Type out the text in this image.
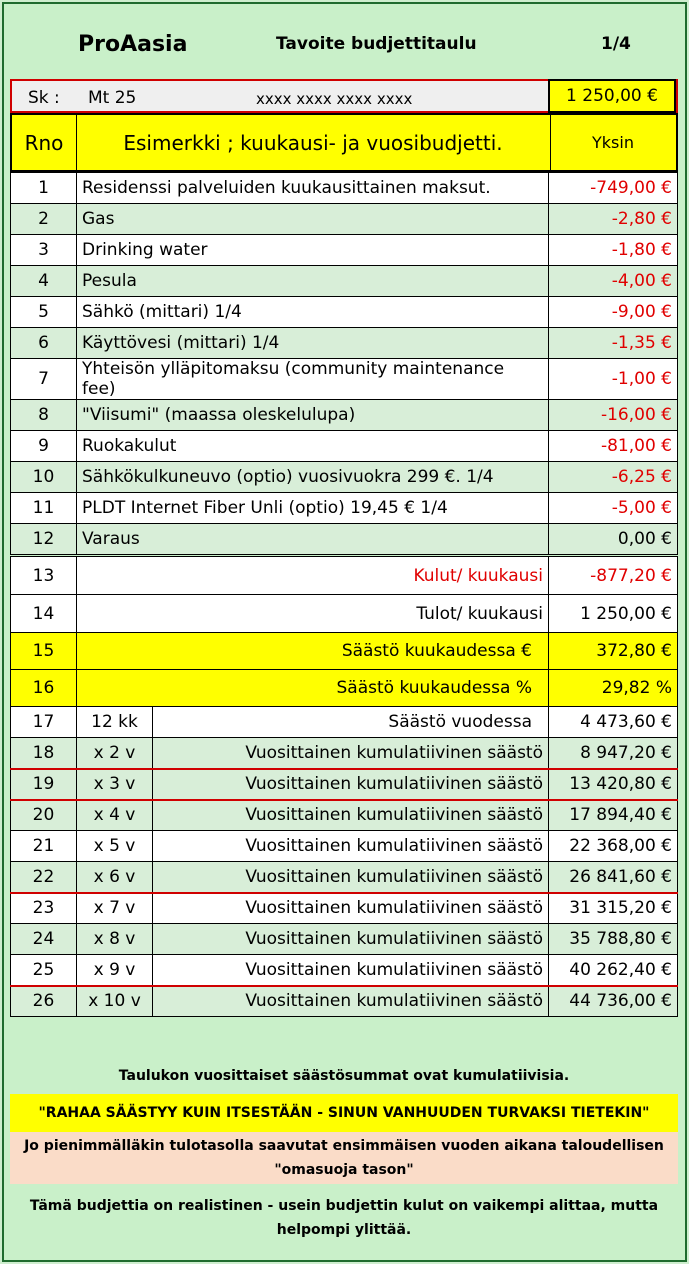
ProAasia	Tavoite budjettitaulu	1/4
Sk : Mt 25	xxxx xxxx xxxx xxxx	1 250,00 €
Rno	Esimerkki ; kuukausi- ja vuosibudjetti.	Yksin
1	Residenssi palveluiden kuukausittainen maksut.	-749,00 €
2	Gas	-2,80 €
3	Drinking water	-1,80 €
4	Pesula	-4,00 €
5	Sähkö (mittari) 1/4	-9,00 €
6	Käyttövesi (mittari) 1/4	-1,35 €
7	Yhteisön ylläpitomaksu (community maintenance fee)	-1,00 €
8	"Viisumi" (maassa oleskelulupa)	-16,00 €
9	Ruokakulut	-81,00 €
10	Sähkökulkuneuvo (optio) vuosivuokra 299 €. 1/4	-6,25 €
11	PLDT Internet Fiber Unli (optio) 19,45 € 1/4	-5,00 €
12	Varaus	0,00 €
13	Kulut/ kuukausi	-877,20 €
14	Tulot/ kuukausi	1 250,00 €
15	Säästö kuukaudessa €	372,80 €
16	Säästö kuukaudessa %	29,82 %
17	12 kk	Säästö vuodessa	4 473,60 €
18	x 2 v	Vuosittainen kumulatiivinen säästö	8 947,20 €
19	x 3 v	Vuosittainen kumulatiivinen säästö	13 420,80 €
20	x 4 v	Vuosittainen kumulatiivinen säästö	17 894,40 €
21	x 5 v	Vuosittainen kumulatiivinen säästö	22 368,00 €
22	x 6 v	Vuosittainen kumulatiivinen säästö	26 841,60 €
23	x 7 v	Vuosittainen kumulatiivinen säästö	31 315,20 €
24	x 8 v	Vuosittainen kumulatiivinen säästö	35 788,80 €
25	x 9 v	Vuosittainen kumulatiivinen säästö	40 262,40 €
26	x 10 v	Vuosittainen kumulatiivinen säästö	44 736,00 €
Taulukon vuosittaiset säästösummat ovat kumulatiivisia.
"RAHAA SÄÄSTYY KUIN ITSESTÄÄN - SINUN VANHUUDEN TURVAKSI TIETEKIN"
Jo pienimmälläkin tulotasolla saavutat ensimmäisen vuoden aikana taloudellisen "omasuoja tason"
Tämä budjettia on realistinen - usein budjettin kulut on vaikempi alittaa, mutta helpompi ylittää.
